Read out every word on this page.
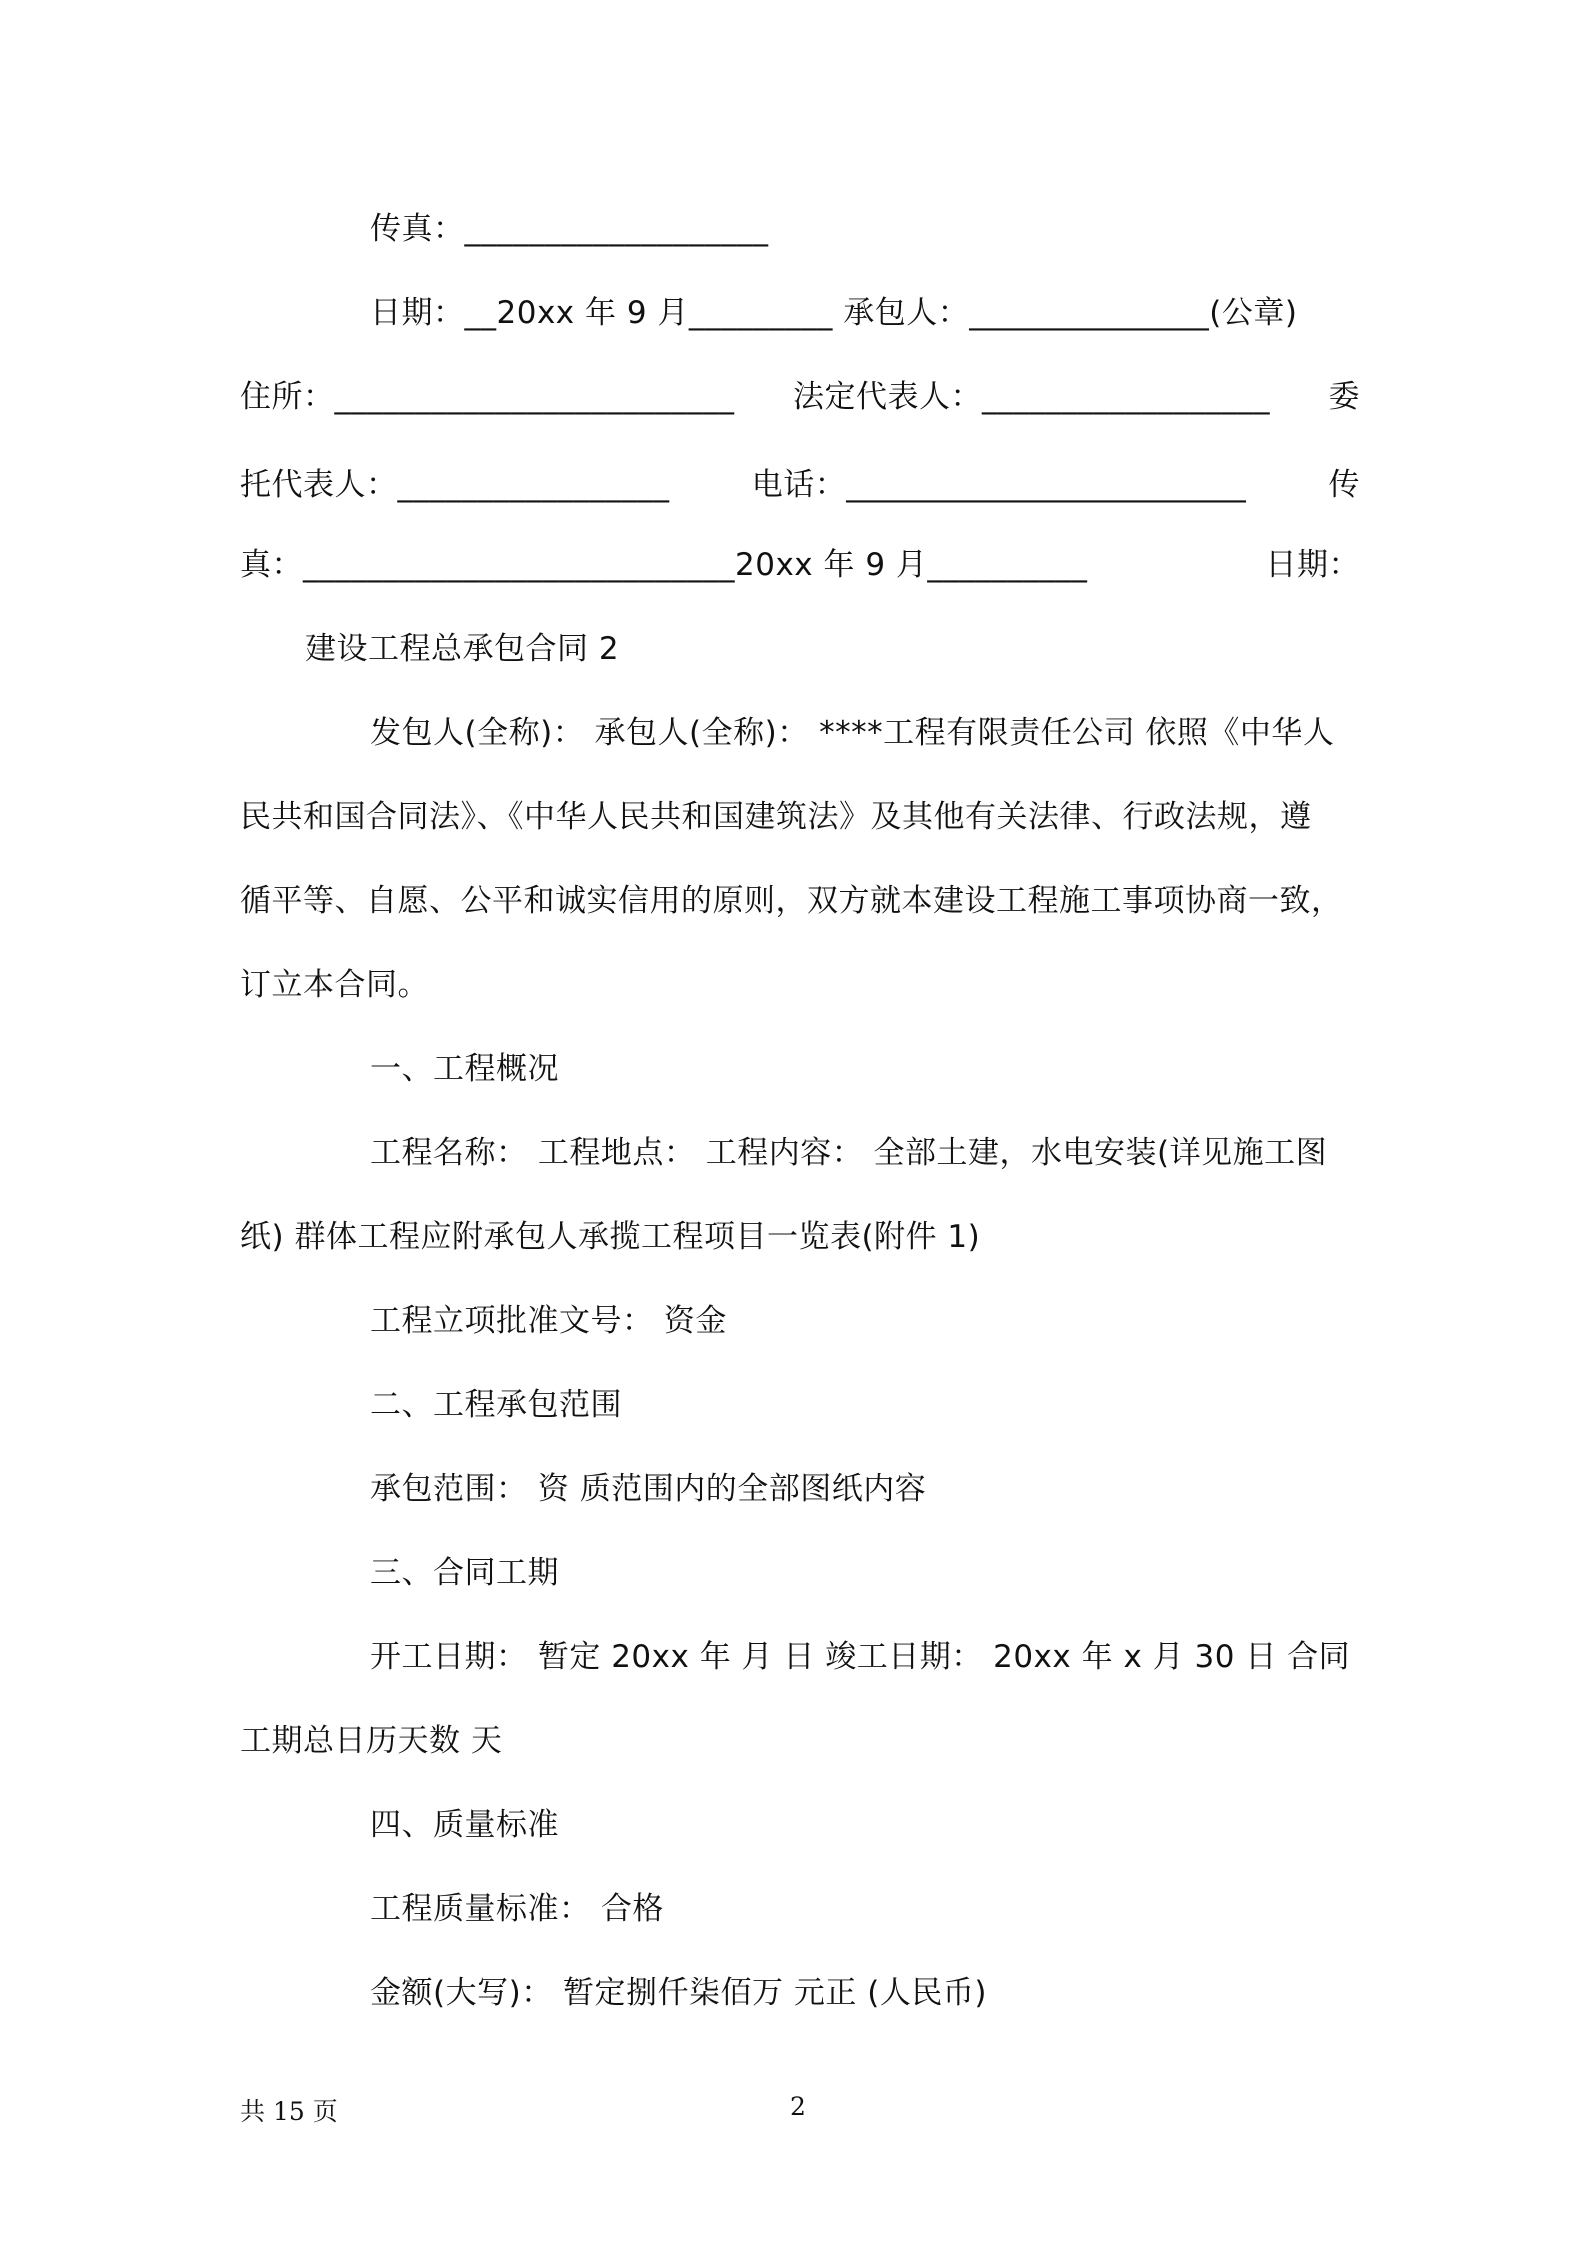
传真：___________________
日期：__20xx 年 9 月_________ 承包人：_______________(公章)
住所：_________________________ 法定代表人：__________________ 委
托代表人：_________________	电话：_________________________	传
真：___________________________20xx 年 9 月__________	日期：
建设工程总承包合同 2
发包人(全称)： 承包人(全称)： ****工程有限责任公司 依照《中华人
民共和国合同法》、《中华人民共和国建筑法》及其他有关法律、行政法规，遵
循平等、自愿、公平和诚实信用的原则，双方就本建设工程施工事项协商一致，
订立本合同。
一、工程概况
工程名称： 工程地点： 工程内容： 全部土建，水电安装(详见施工图
纸) 群体工程应附承包人承揽工程项目一览表(附件 1)
工程立项批准文号： 资金
二、工程承包范围
承包范围： 资 质范围内的全部图纸内容
三、合同工期
开工日期： 暂定 20xx 年 月 日 竣工日期： 20xx 年 x 月 30 日 合同
工期总日历天数 天
四、质量标准
工程质量标准： 合格
金额(大写)： 暂定捌仟柒佰万 元正 (人民币)
共 15 页	2
